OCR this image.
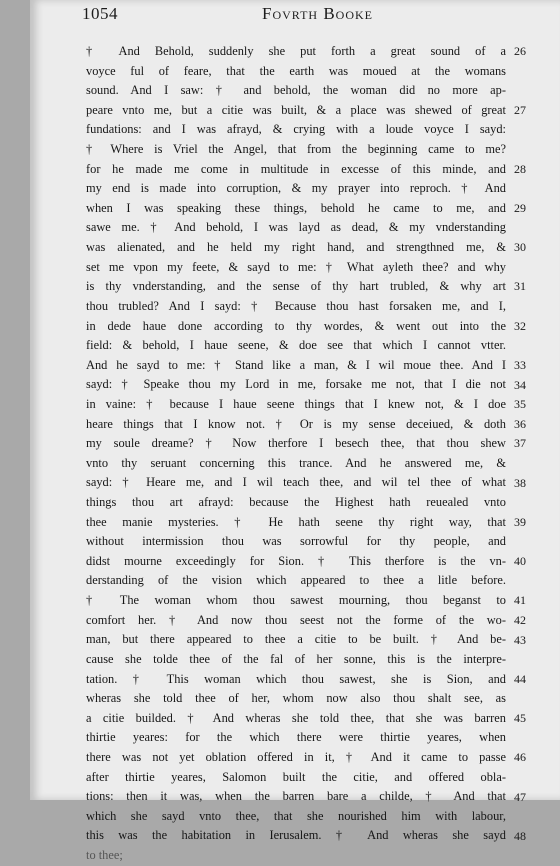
1054	Fovrth Booke
† And Behold, suddenly she put forth a great sound of a
voyce ful of feare, that the earth was moued at the womans
sound. And I saw: † and behold, the woman did no more ap-
peare vnto me, but a citie was built, & a place was shewed of great
fundations: and I was afrayd, & crying with a loude voyce I sayd:
† Where is Vriel the Angel, that from the beginning came to me?
for he made me come in multitude in excesse of this minde, and
my end is made into corruption, & my prayer into reproch. † And
when I was speaking these things, behold he came to me, and
sawe me. † And behold, I was layd as dead, & my vnderstanding
was alienated, and he held my right hand, and strengthned me, &
set me vpon my feete, & sayd to me: † What ayleth thee? and why
is thy vnderstanding, and the sense of thy hart trubled, & why art
thou trubled? And I sayd: † Because thou hast forsaken me, and I,
in dede haue done according to thy wordes, & went out into the
field: & behold, I haue seene, & doe see that which I cannot vtter.
And he sayd to me: † Stand like a man, & I wil moue thee. And I
sayd: † Speake thou my Lord in me, forsake me not, that I die not
in vaine: † because I haue seene things that I knew not, & I doe
heare things that I know not. † Or is my sense deceiued, & doth
my soule dreame? † Now therfore I besech thee, that thou shew
vnto thy seruant concerning this trance. And he answered me, &
sayd: † Heare me, and I wil teach thee, and wil tel thee of what
things thou art afrayd: because the Highest hath reuealed vnto
thee manie mysteries. † He hath seene thy right way, that
without intermission thou was sorrowful for thy people, and
didst mourne exceedingly for Sion. † This therfore is the vn-
derstanding of the vision which appeared to thee a litle before.
† The woman whom thou sawest mourning, thou beganst to
comfort her. † And now thou seest not the forme of the wo-
man, but there appeared to thee a citie to be built. † And be-
cause she tolde thee of the fal of her sonne, this is the interpre-
tation. † This woman which thou sawest, she is Sion, and
wheras she told thee of her, whom now also thou shalt see, as
a citie builded. † And wheras she told thee, that she was barren
thirtie yeares: for the which there were thirtie yeares, when
there was not yet oblation offered in it, † And it came to passe
after thirtie yeares, Salomon built the citie, and offered obla-
tions: then it was, when the barren bare a childe, † And that
which she sayd vnto thee, that she nourished him with labour,
this was the habitation in Ierusalem. † And wheras she sayd
to thee;
26
27
28
29
30
31
32
33
34
35
36
37
38
39
40
41
42
43
44
45
46
47
48
